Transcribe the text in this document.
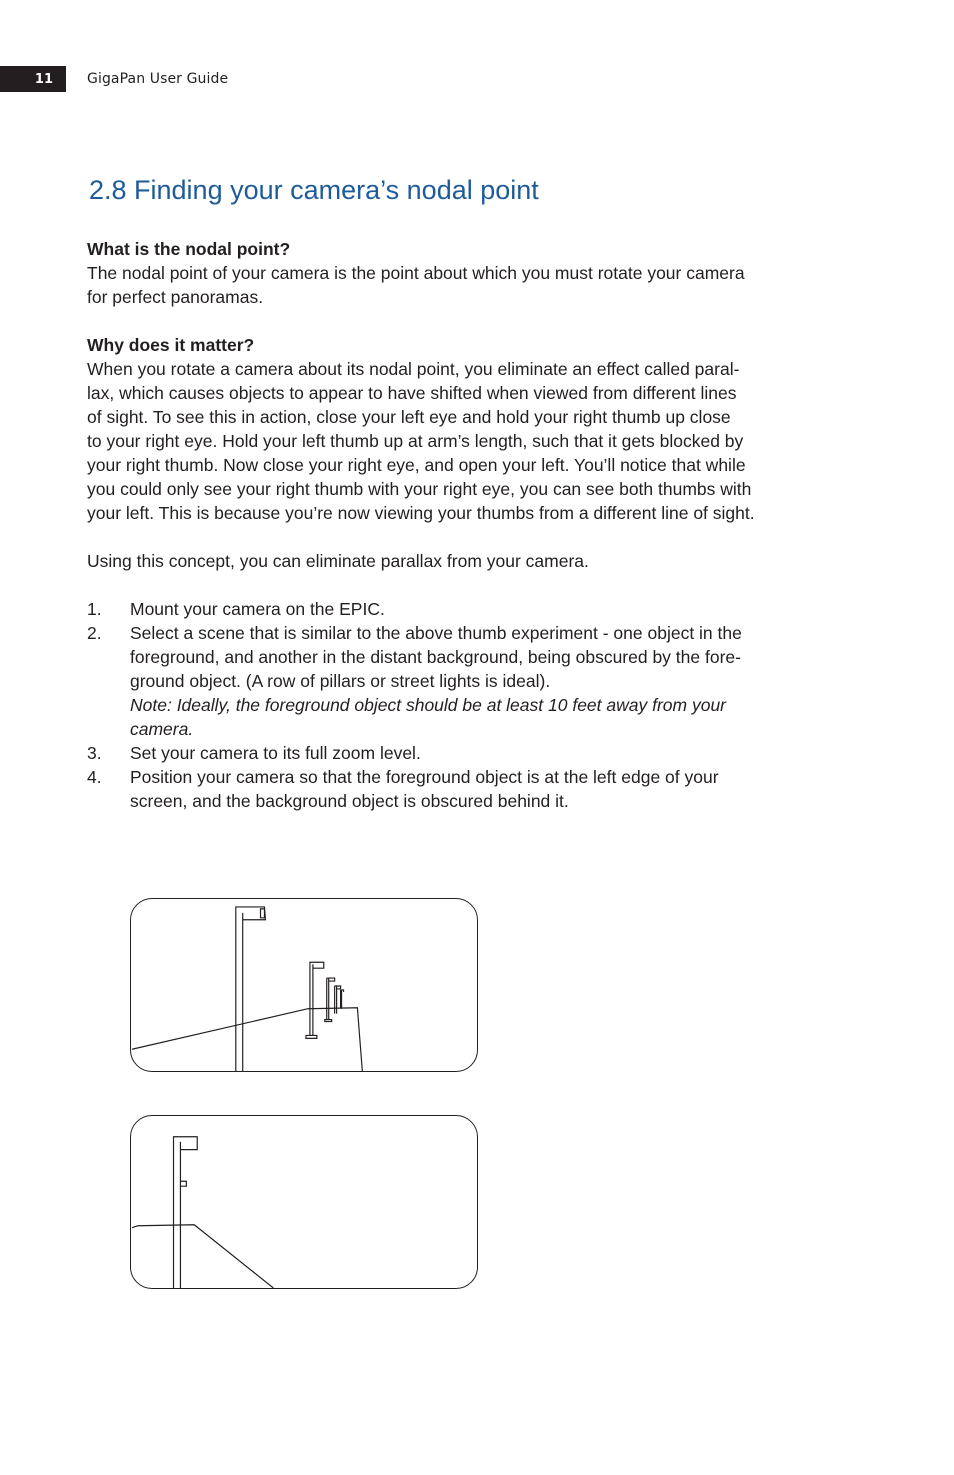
11 GigaPan User Guide
2.8 Finding your camera’s nodal point

What is the nodal point?

The nodal point of your camera is the point about which you must rotate your camera

for perfect panoramas.

Why does it matter?

When you rotate a camera about its nodal point, you eliminate an effect called paral-

lax, which causes objects to appear to have shifted when viewed from different lines

of sight. To see this in action, close your left eye and hold your right thumb up close

to your right eye. Hold your left thumb up at arm’s length, such that it gets blocked by

your right thumb. Now close your right eye, and open your left. You’ll notice that while

you could only see your right thumb with your right eye, you can see both thumbs with

your left. This is because you’re now viewing your thumbs from a different line of sight.

Using this concept, you can eliminate parallax from your camera.

1. Mount your camera on the EPIC.
2. Select a scene that is similar to the above thumb experiment - one object in the
foreground, and another in the distant background, being obscured by the fore-
ground object. (A row of pillars or street lights is ideal).
Note: Ideally, the foreground object should be at least 10 feet away from your
camera.
3. Set your camera to its full zoom level.
4. Position your camera so that the foreground object is at the left edge of your
screen, and the background object is obscured behind it.
